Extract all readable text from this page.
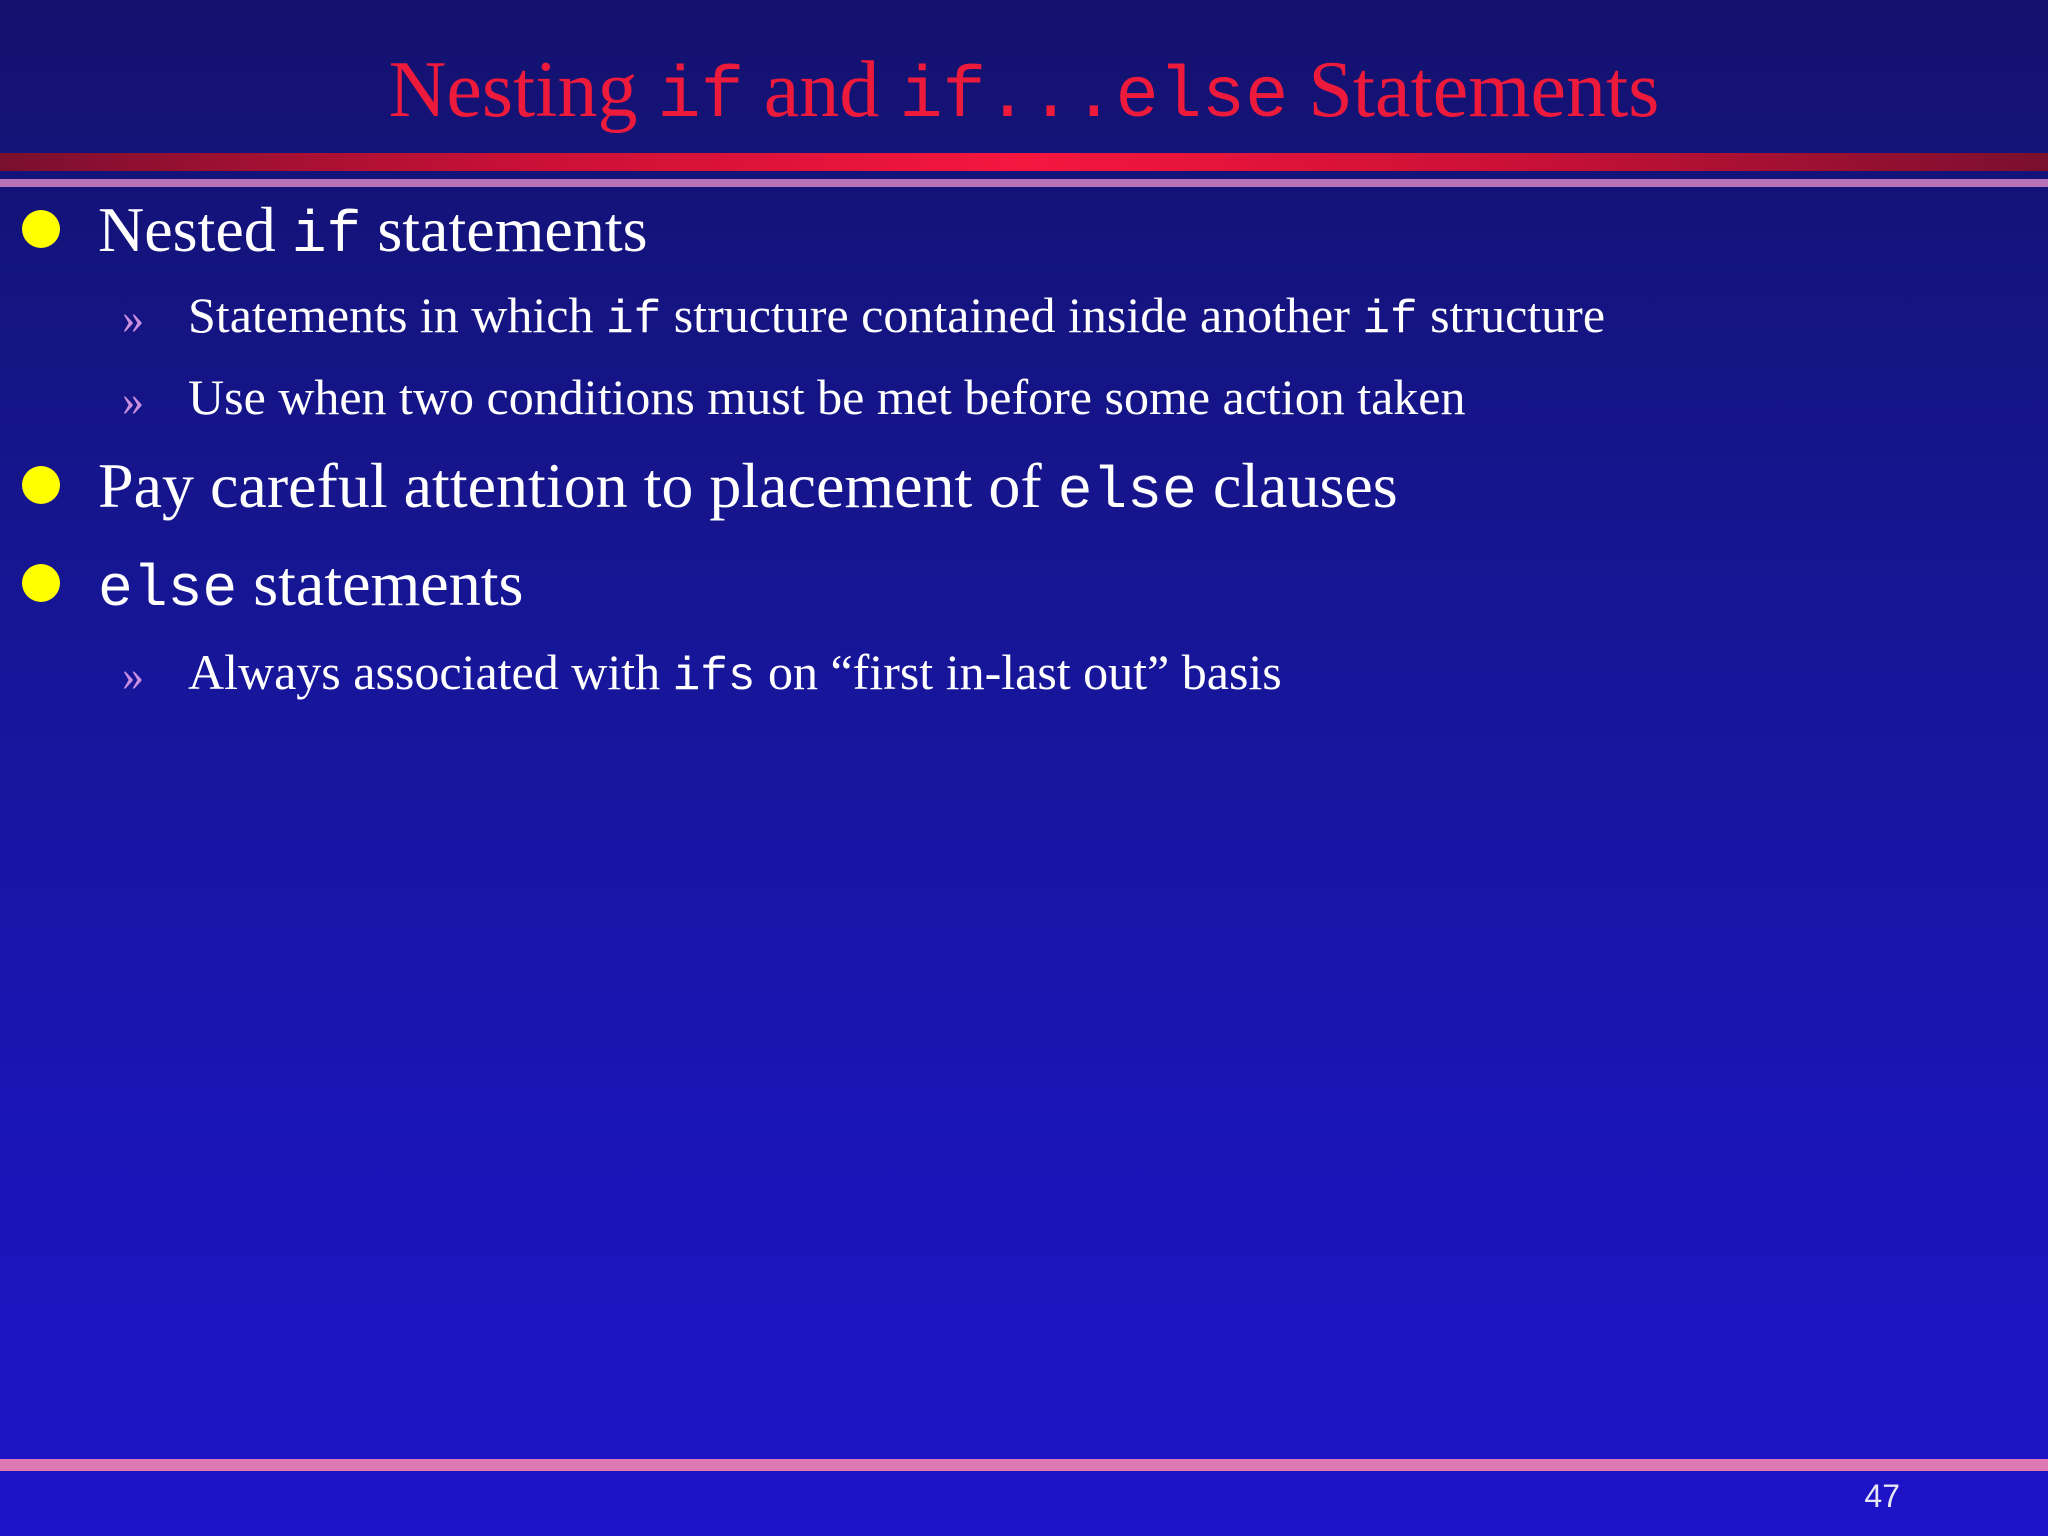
Nesting if and if...else Statements
Nested if statements
» Statements in which if structure contained inside another if structure
» Use when two conditions must be met before some action taken
Pay careful attention to placement of else clauses
else statements
» Always associated with ifs on “first in-last out” basis
47
